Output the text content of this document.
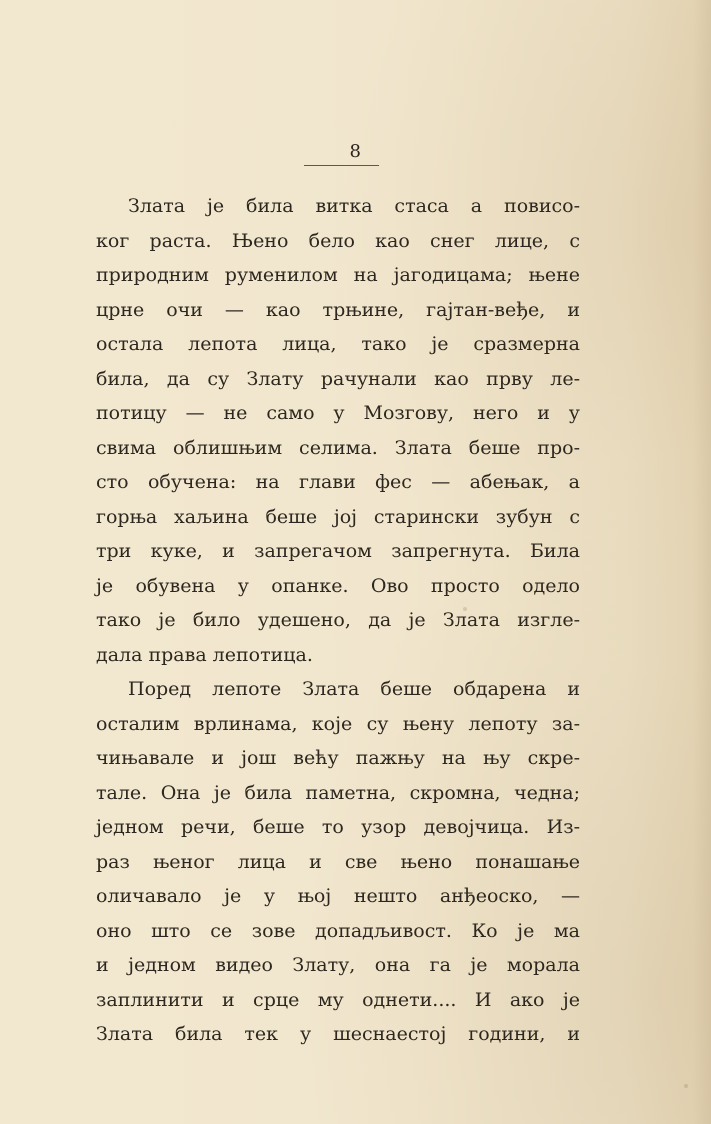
8

Злата је била витка стаса а повисо-
ког раста. Њено бело као снег лице, с
природним руменилом на јагодицама; њене
црне очи — као трњине, гајтан-веђе, и
остала лепота лица, тако је сразмерна
била, да су Злату рачунали као прву ле-
потицу — не само у Мозгову, него и у
свима облишњим селима. Злата беше про-
сто обучена: на глави фес — абењак, а
горња хаљина беше јој старински зубун с
три куке, и запрегачом запрегнута. Била
је обувена у опанке. Ово просто одело
тако је било удешено, да је Злата изгле-
дала права лепотица.

Поред лепоте Злата беше обдарена и
осталим врлинама, које су њену лепоту за-
чињавале и још већу пажњу на њу скре-
тале. Она је била паметна, скромна, чедна;
једном речи, беше то узор девојчица. Из-
раз њеног лица и све њено понашање
оличавало је у њој нешто анђеоско, —
оно што се зове допадљивост. Ко је ма
и једном видео Злату, она га је морала
заплинити и срце му однети.... И ако је
Злата била тек у шеснаестој години, и
